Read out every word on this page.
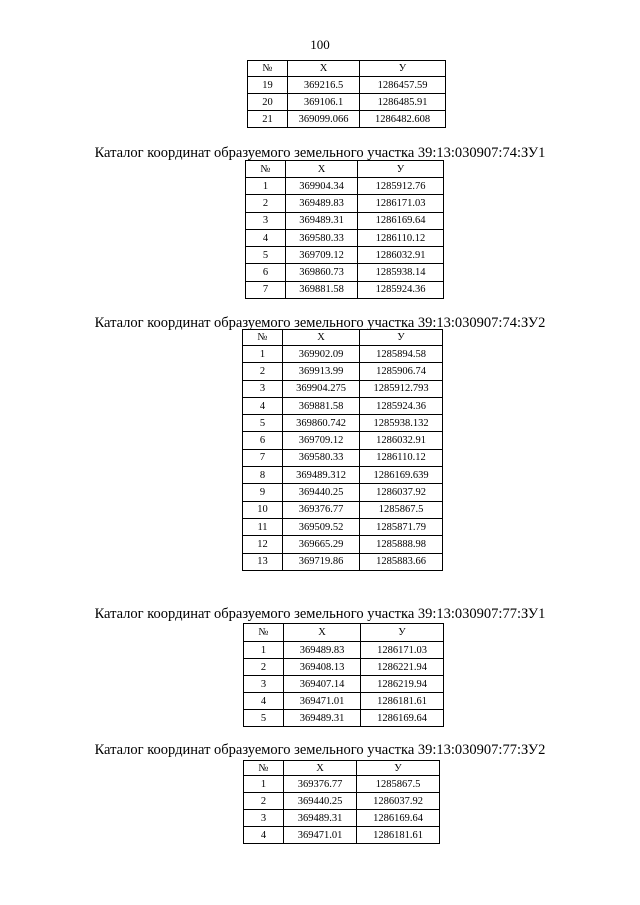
100
№	Х	У
19	369216.5	1286457.59
20	369106.1	1286485.91
21	369099.066	1286482.608
Каталог координат образуемого земельного участка 39:13:030907:74:ЗУ1
№	Х	У
1	369904.34	1285912.76
2	369489.83	1286171.03
3	369489.31	1286169.64
4	369580.33	1286110.12
5	369709.12	1286032.91
6	369860.73	1285938.14
7	369881.58	1285924.36
Каталог координат образуемого земельного участка 39:13:030907:74:ЗУ2
№	Х	У
1	369902.09	1285894.58
2	369913.99	1285906.74
3	369904.275	1285912.793
4	369881.58	1285924.36
5	369860.742	1285938.132
6	369709.12	1286032.91
7	369580.33	1286110.12
8	369489.312	1286169.639
9	369440.25	1286037.92
10	369376.77	1285867.5
11	369509.52	1285871.79
12	369665.29	1285888.98
13	369719.86	1285883.66
Каталог координат образуемого земельного участка 39:13:030907:77:ЗУ1
№	Х	У
1	369489.83	1286171.03
2	369408.13	1286221.94
3	369407.14	1286219.94
4	369471.01	1286181.61
5	369489.31	1286169.64
Каталог координат образуемого земельного участка 39:13:030907:77:ЗУ2
№	Х	У
1	369376.77	1285867.5
2	369440.25	1286037.92
3	369489.31	1286169.64
4	369471.01	1286181.61
